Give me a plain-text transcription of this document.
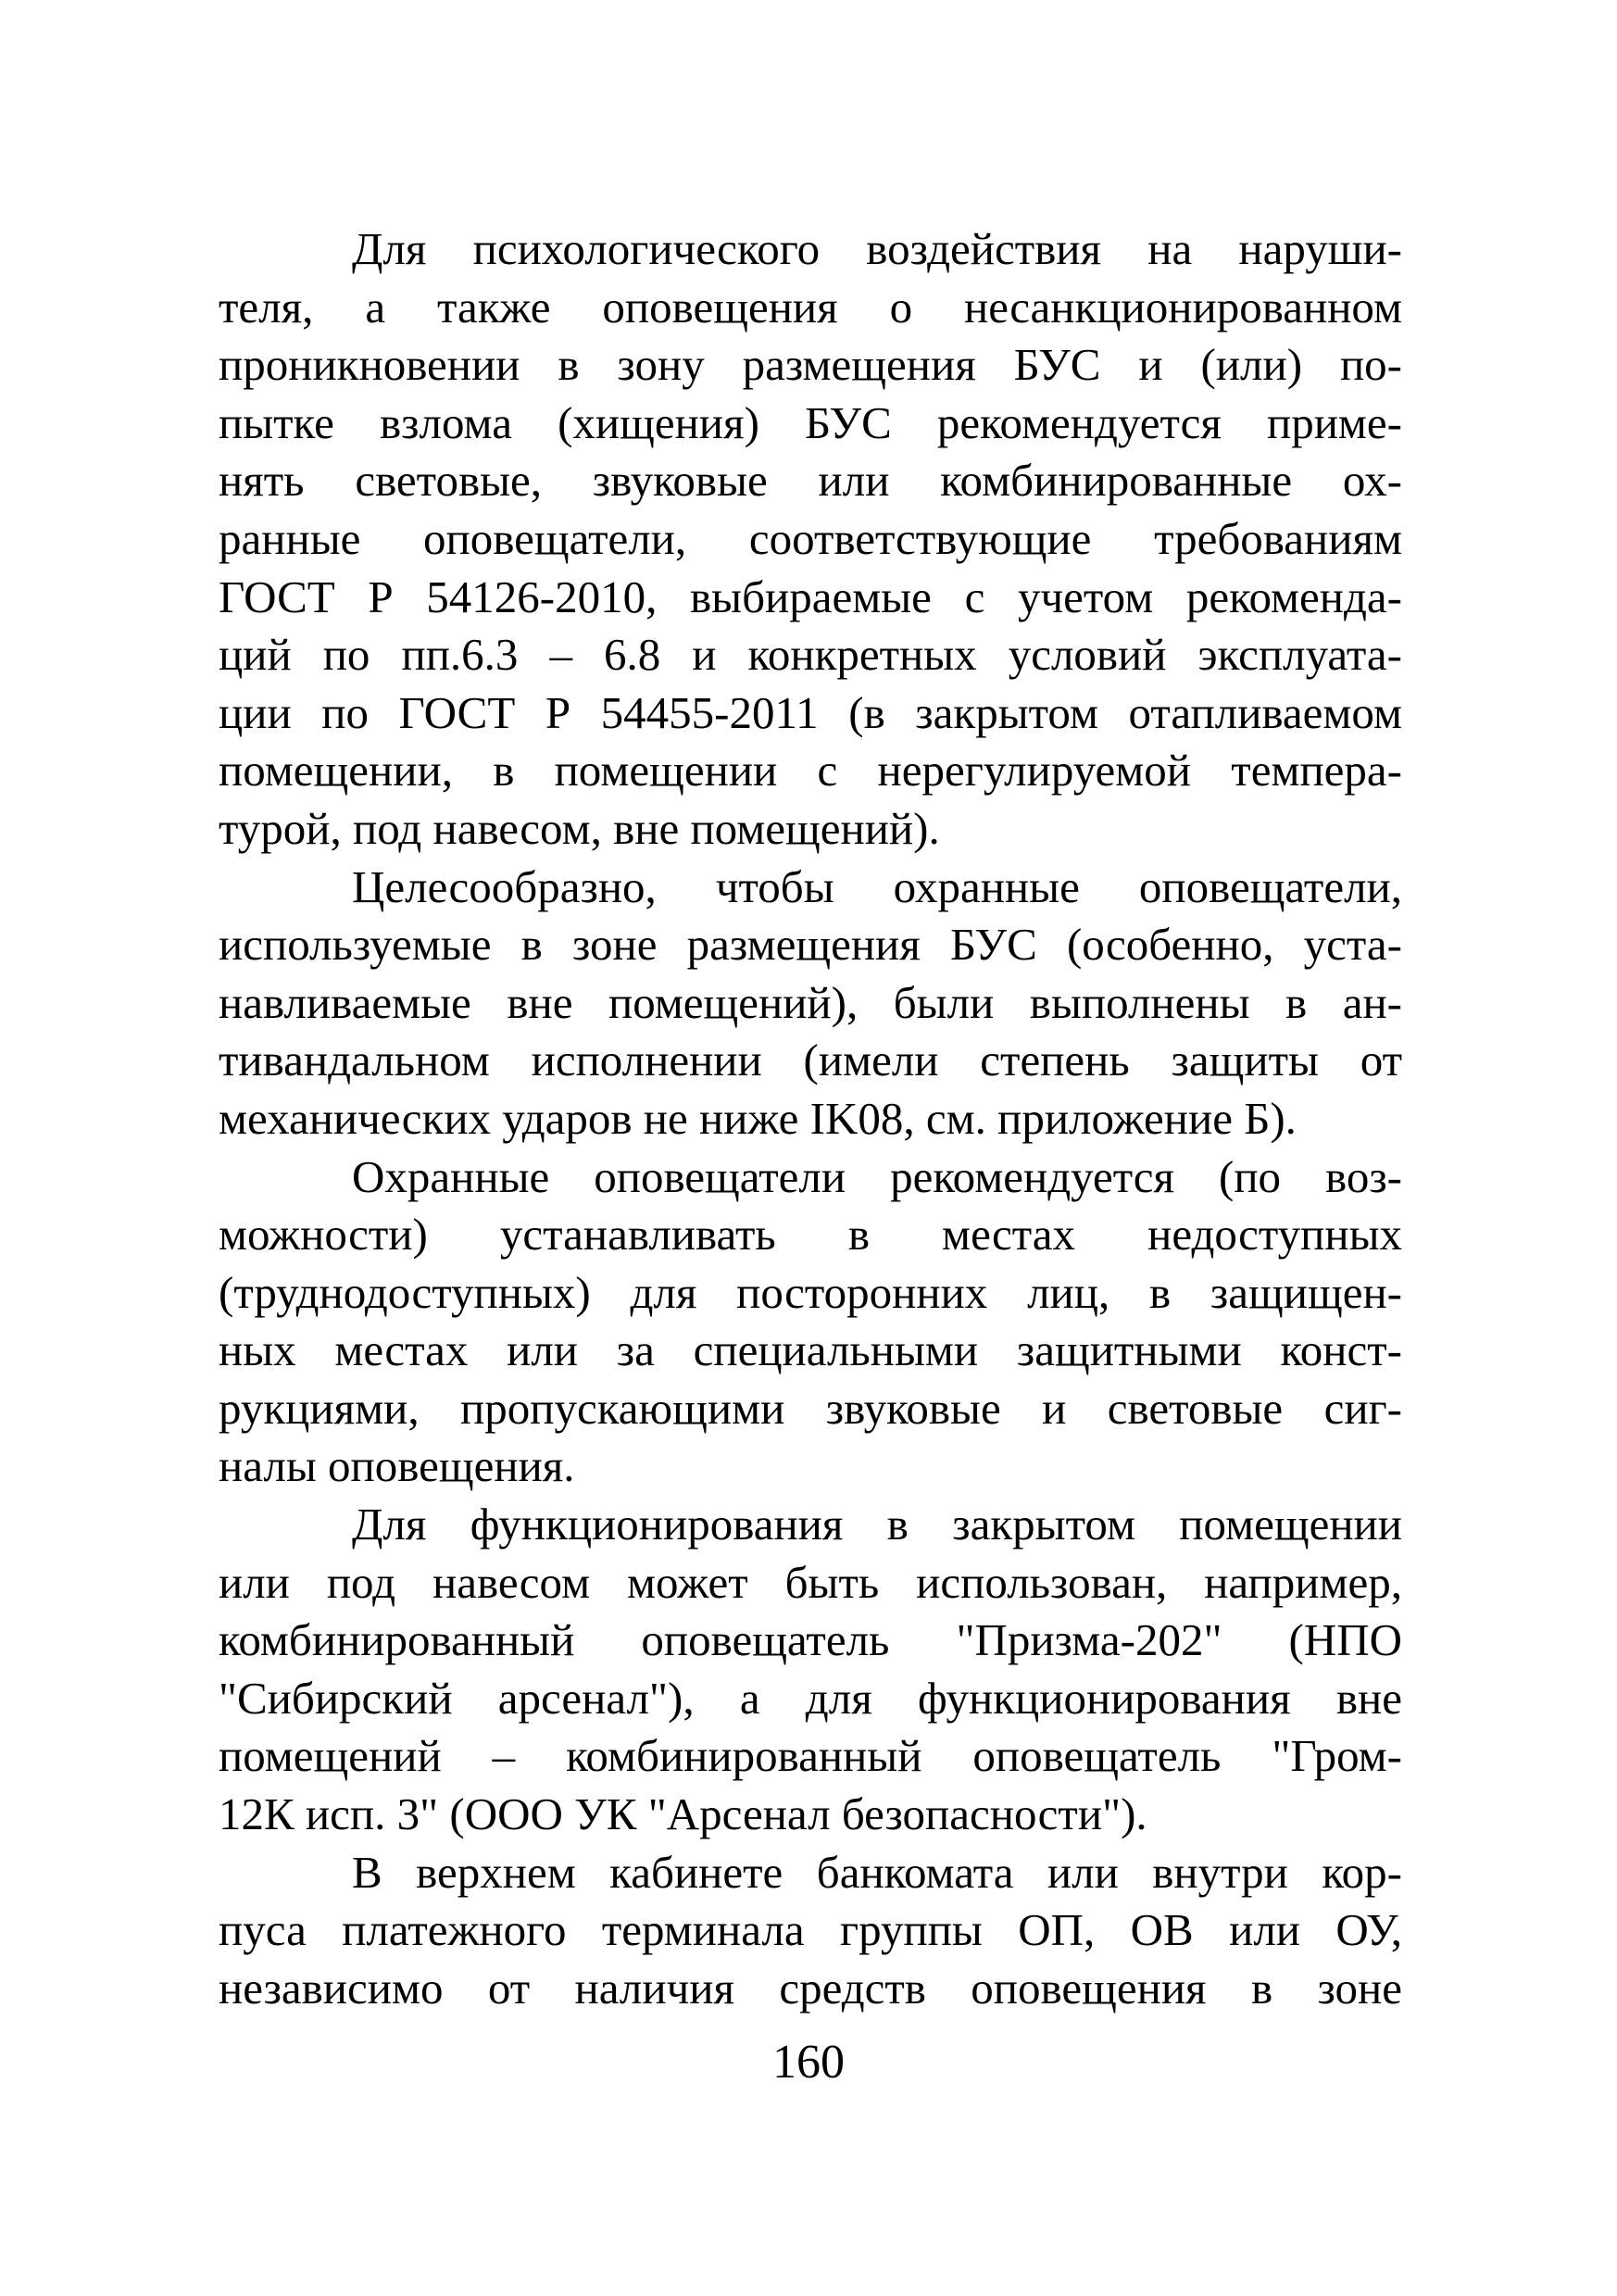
Для психологического воздействия на наруши-
теля, а также оповещения о несанкционированном
проникновении в зону размещения БУС и (или) по-
пытке взлома (хищения) БУС рекомендуется приме-
нять световые, звуковые или комбинированные ох-
ранные оповещатели, соответствующие требованиям
ГОСТ Р 54126-2010, выбираемые с учетом рекоменда-
ций по пп.6.3 – 6.8 и конкретных условий эксплуата-
ции по ГОСТ Р 54455-2011 (в закрытом отапливаемом
помещении, в помещении с нерегулируемой темпера-
турой, под навесом, вне помещений).
Целесообразно, чтобы охранные оповещатели,
используемые в зоне размещения БУС (особенно, уста-
навливаемые вне помещений), были выполнены в ан-
тивандальном исполнении (имели степень защиты от
механических ударов не ниже IK08, см. приложение Б).
Охранные оповещатели рекомендуется (по воз-
можности) устанавливать в местах недоступных
(труднодоступных) для посторонних лиц, в защищен-
ных местах или за специальными защитными конст-
рукциями, пропускающими звуковые и световые сиг-
налы оповещения.
Для функционирования в закрытом помещении
или под навесом может быть использован, например,
комбинированный оповещатель "Призма-202" (НПО
"Сибирский арсенал"), а для функционирования вне
помещений – комбинированный оповещатель "Гром-
12К исп. 3" (ООО УК "Арсенал безопасности").
В верхнем кабинете банкомата или внутри кор-
пуса платежного терминала группы ОП, ОВ или ОУ,
независимо от наличия средств оповещения в зоне
160
